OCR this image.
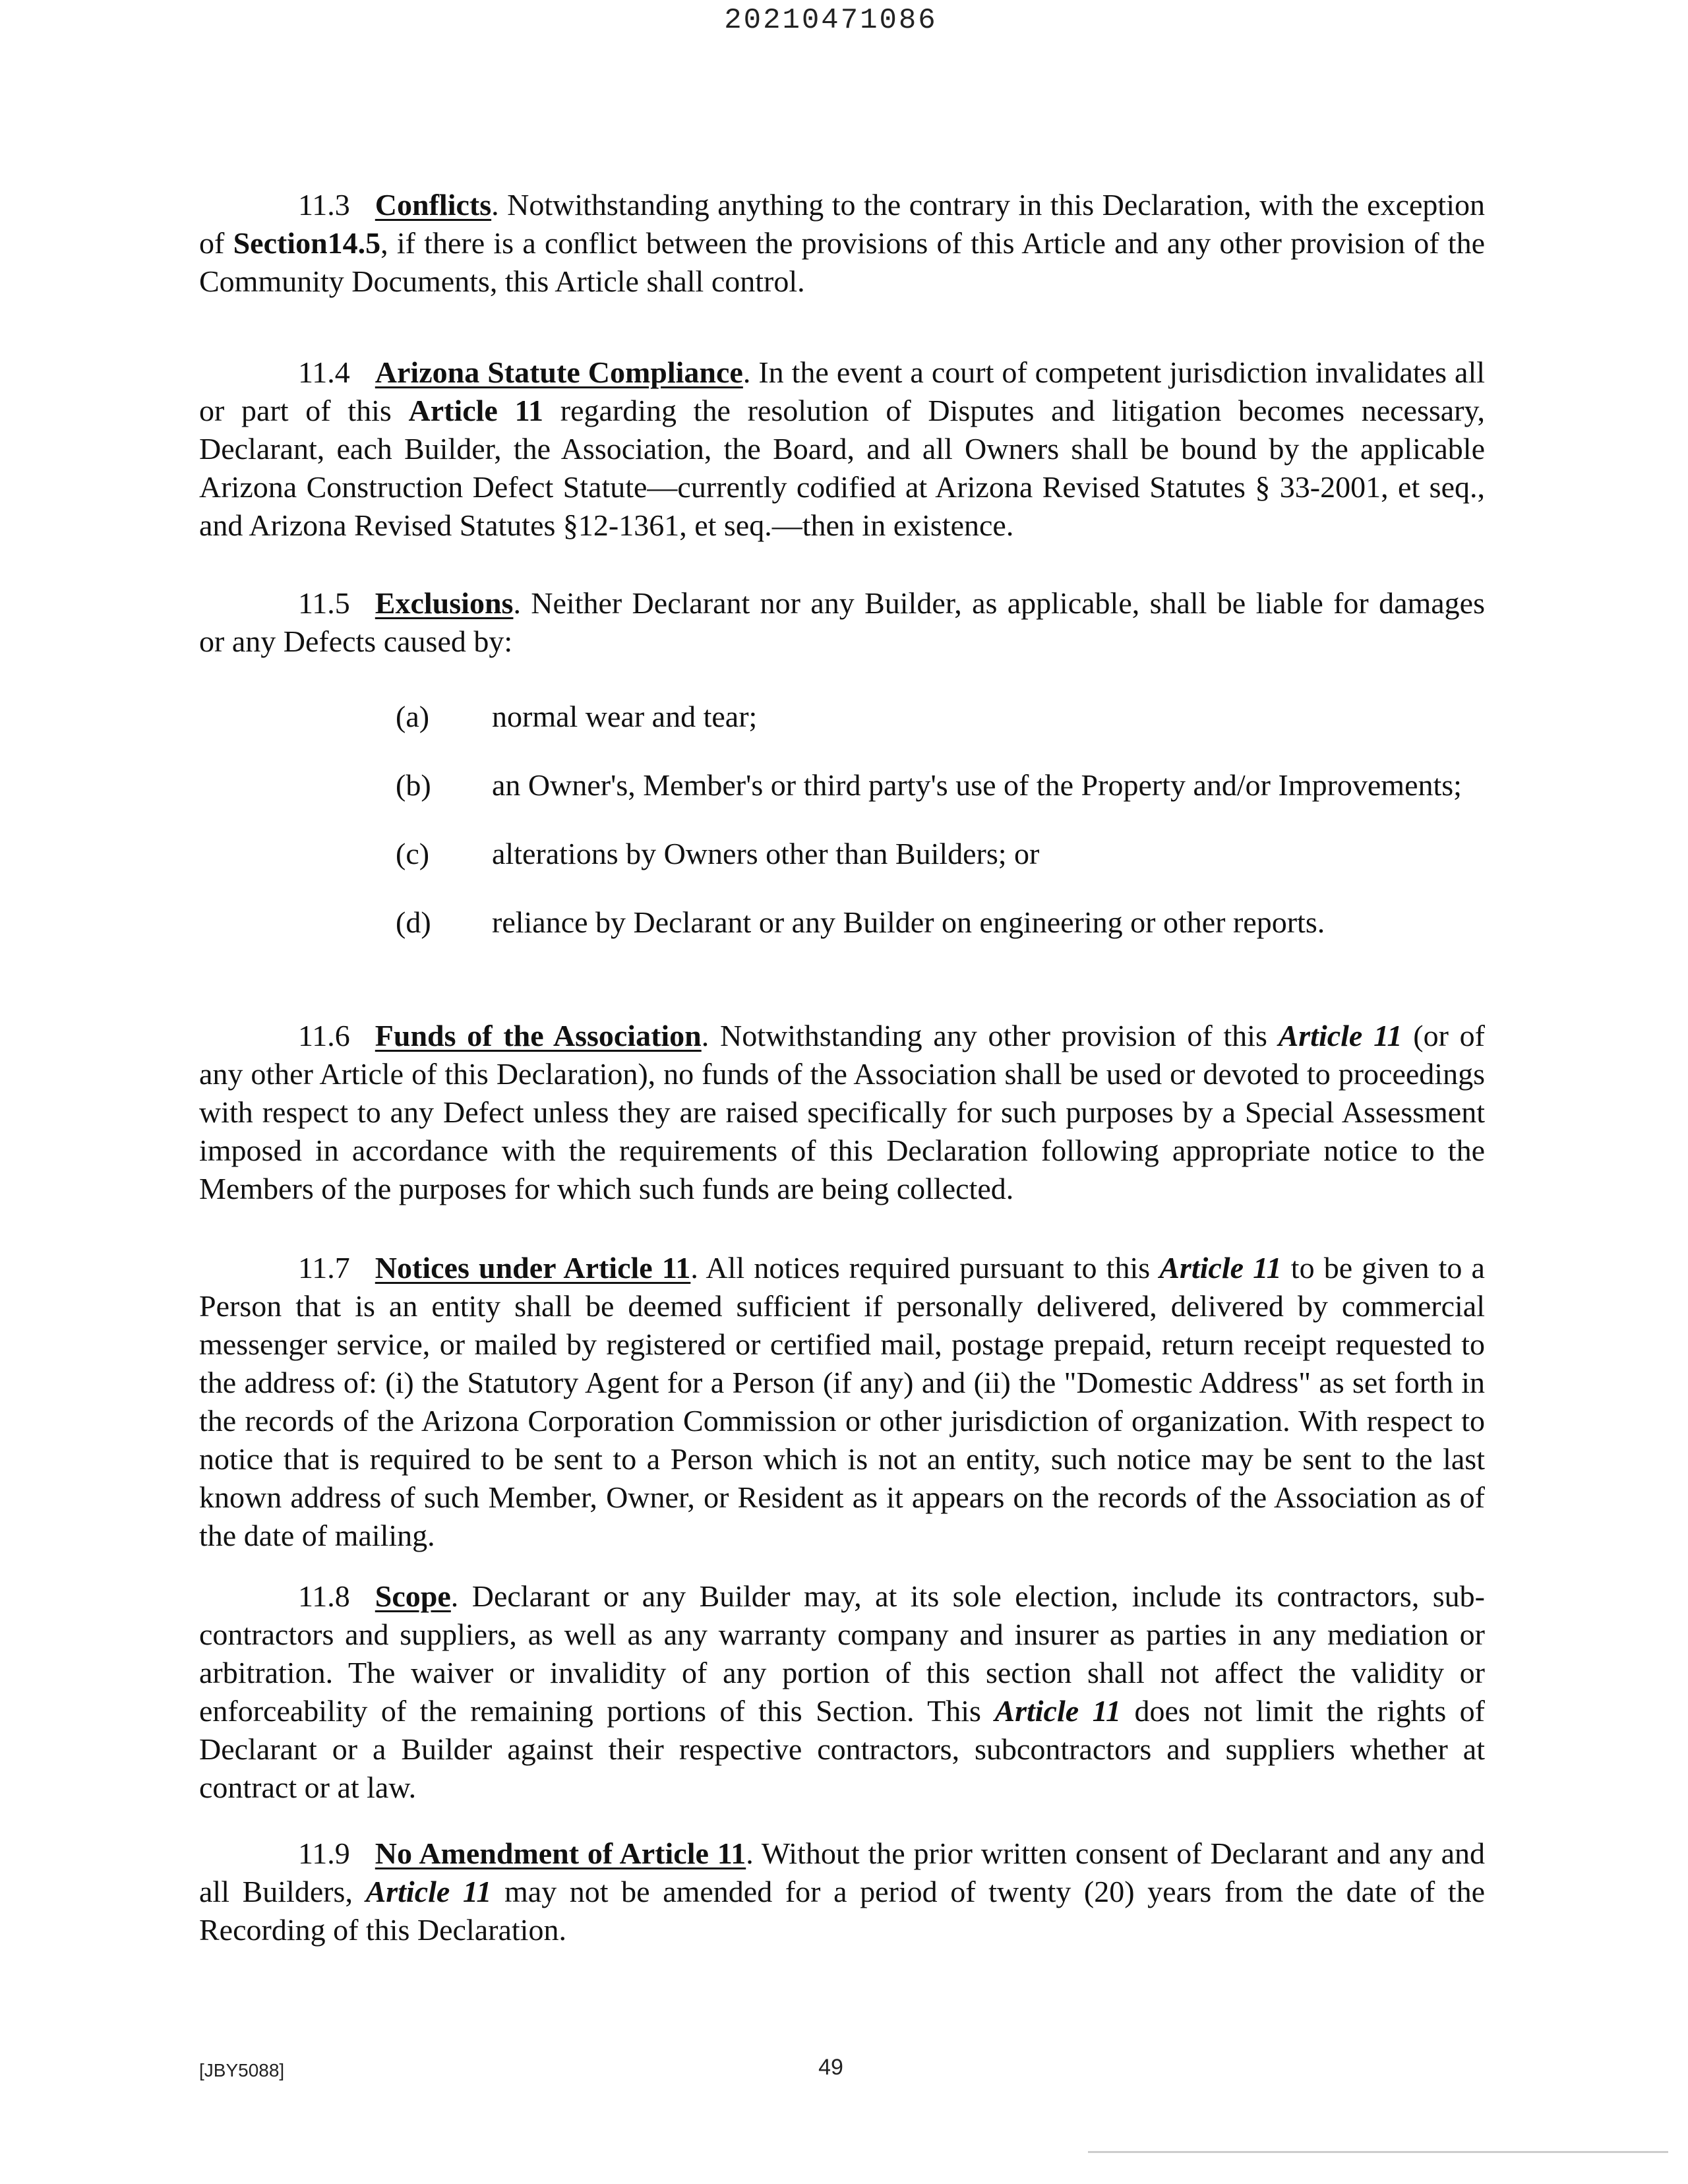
20210471086

11.3 Conflicts. Notwithstanding anything to the contrary in this Declaration, with the exception of Section14.5, if there is a conflict between the provisions of this Article and any other provision of the Community Documents, this Article shall control.

11.4 Arizona Statute Compliance. In the event a court of competent jurisdiction invalidates all or part of this Article 11 regarding the resolution of Disputes and litigation becomes necessary, Declarant, each Builder, the Association, the Board, and all Owners shall be bound by the applicable Arizona Construction Defect Statute—currently codified at Arizona Revised Statutes § 33-2001, et seq., and Arizona Revised Statutes §12-1361, et seq.—then in existence.

11.5 Exclusions. Neither Declarant nor any Builder, as applicable, shall be liable for damages or any Defects caused by:

(a)	normal wear and tear;
(b)	an Owner's, Member's or third party's use of the Property and/or Improvements;
(c)	alterations by Owners other than Builders; or
(d)	reliance by Declarant or any Builder on engineering or other reports.

11.6 Funds of the Association. Notwithstanding any other provision of this Article 11 (or of any other Article of this Declaration), no funds of the Association shall be used or devoted to proceedings with respect to any Defect unless they are raised specifically for such purposes by a Special Assessment imposed in accordance with the requirements of this Declaration following appropriate notice to the Members of the purposes for which such funds are being collected.

11.7 Notices under Article 11. All notices required pursuant to this Article 11 to be given to a Person that is an entity shall be deemed sufficient if personally delivered, delivered by commercial messenger service, or mailed by registered or certified mail, postage prepaid, return receipt requested to the address of: (i) the Statutory Agent for a Person (if any) and (ii) the "Domestic Address" as set forth in the records of the Arizona Corporation Commission or other jurisdiction of organization. With respect to notice that is required to be sent to a Person which is not an entity, such notice may be sent to the last known address of such Member, Owner, or Resident as it appears on the records of the Association as of the date of mailing.

11.8 Scope. Declarant or any Builder may, at its sole election, include its contractors, sub-contractors and suppliers, as well as any warranty company and insurer as parties in any mediation or arbitration. The waiver or invalidity of any portion of this section shall not affect the validity or enforceability of the remaining portions of this Section. This Article 11 does not limit the rights of Declarant or a Builder against their respective contractors, subcontractors and suppliers whether at contract or at law.

11.9 No Amendment of Article 11. Without the prior written consent of Declarant and any and all Builders, Article 11 may not be amended for a period of twenty (20) years from the date of the Recording of this Declaration.

[JBY5088]	49
